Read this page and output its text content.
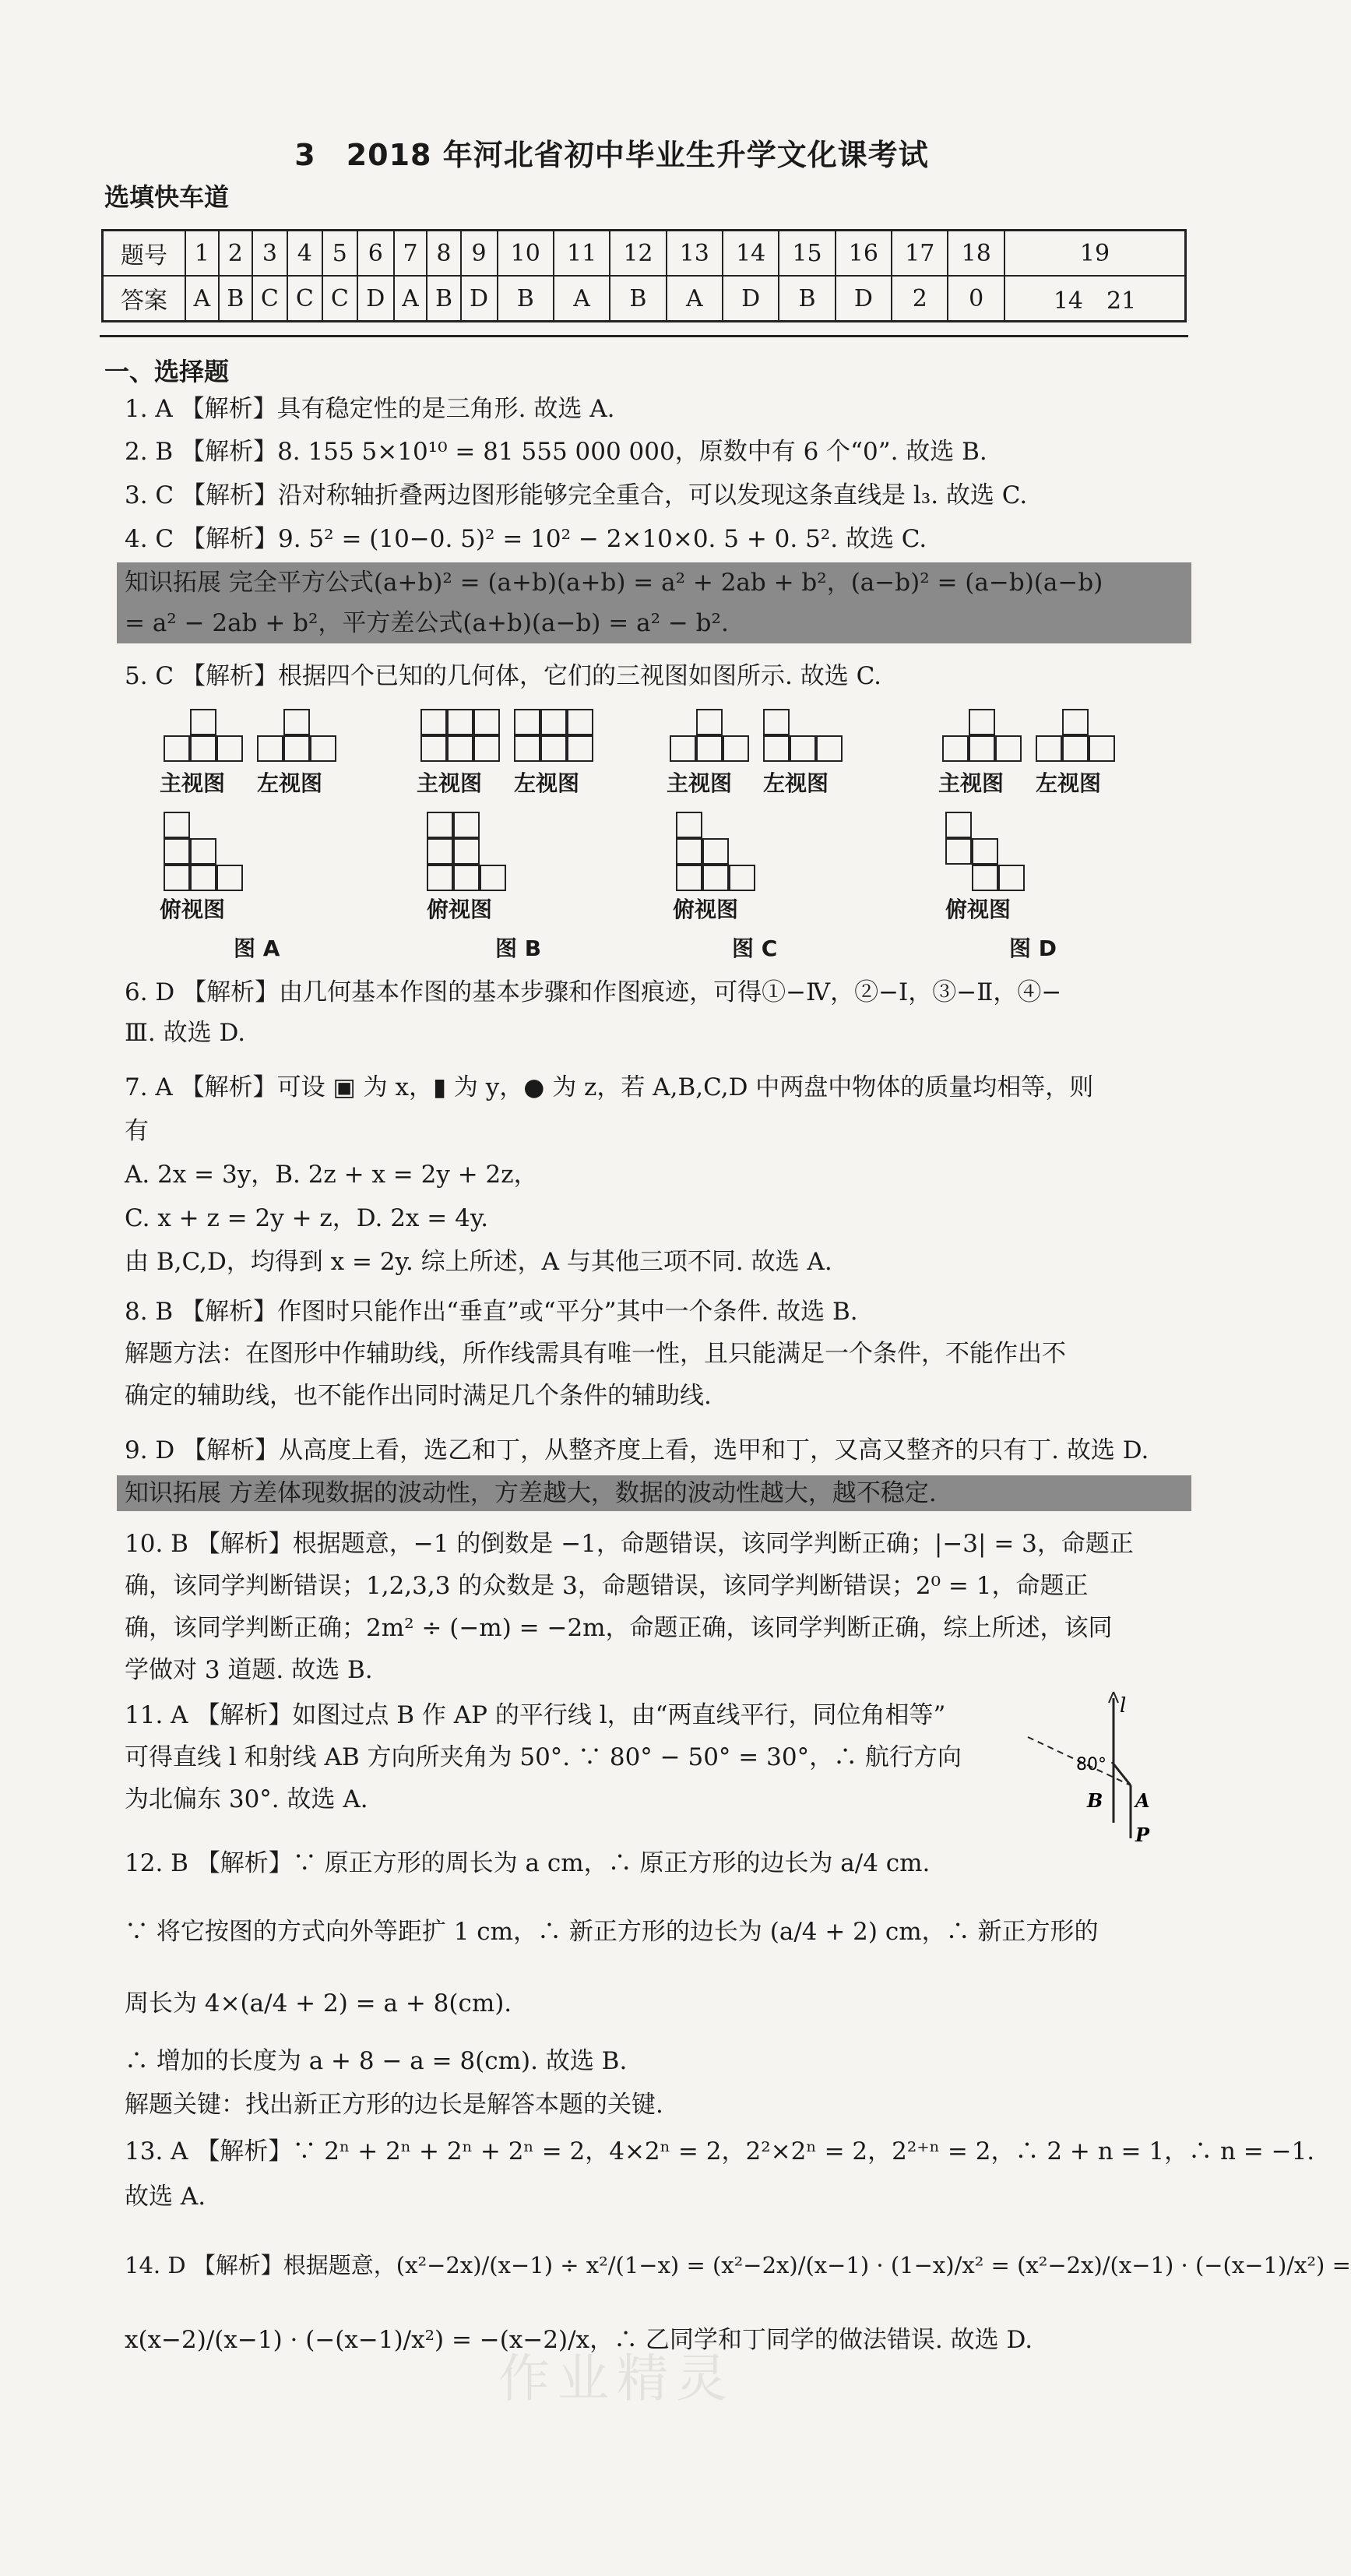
3　2018 年河北省初中毕业生升学文化课考试
选填快车道
题号	1	2	3	4	5	6	7	8	9	10	11	12	13	14	15	16	17	18	19
答案	A	B	C	C	C	D	A	B	D	B	A	B	A	D	B	D	2	0	14　21
一、选择题
1. A 【解析】具有稳定性的是三角形. 故选 A.
2. B 【解析】8. 155 5×10¹⁰ = 81 555 000 000，原数中有 6 个“0”. 故选 B.
3. C 【解析】沿对称轴折叠两边图形能够完全重合，可以发现这条直线是 l₃. 故选 C.
4. C 【解析】9. 5² = (10−0. 5)² = 10² − 2×10×0. 5 + 0. 5². 故选 C.
知识拓展 完全平方公式(a+b)² = (a+b)(a+b) = a² + 2ab + b²，(a−b)² = (a−b)(a−b)
= a² − 2ab + b²，平方差公式(a+b)(a−b) = a² − b².
5. C 【解析】根据四个已知的几何体，它们的三视图如图所示. 故选 C.
主视图 左视图
俯视图
图 A
主视图 左视图
俯视图
图 B
主视图 左视图
俯视图
图 C
主视图 左视图
俯视图
图 D
6. D 【解析】由几何基本作图的基本步骤和作图痕迹，可得①−Ⅳ，②−Ⅰ，③−Ⅱ，④−
Ⅲ. 故选 D.
7. A 【解析】可设 ▣ 为 x，▮ 为 y，● 为 z，若 A,B,C,D 中两盘中物体的质量均相等，则
有
A. 2x = 3y，B. 2z + x = 2y + 2z，
C. x + z = 2y + z，D. 2x = 4y.
由 B,C,D，均得到 x = 2y. 综上所述，A 与其他三项不同. 故选 A.
8. B 【解析】作图时只能作出“垂直”或“平分”其中一个条件. 故选 B.
解题方法：在图形中作辅助线，所作线需具有唯一性，且只能满足一个条件，不能作出不
确定的辅助线，也不能作出同时满足几个条件的辅助线.
9. D 【解析】从高度上看，选乙和丁，从整齐度上看，选甲和丁，又高又整齐的只有丁. 故选 D.
知识拓展 方差体现数据的波动性，方差越大，数据的波动性越大，越不稳定.
10. B 【解析】根据题意，−1 的倒数是 −1，命题错误，该同学判断正确；|−3| = 3，命题正
确，该同学判断错误；1,2,3,3 的众数是 3，命题错误，该同学判断错误；2⁰ = 1，命题正
确，该同学判断正确；2m² ÷ (−m) = −2m，命题正确，该同学判断正确，综上所述，该同
学做对 3 道题. 故选 B.
11. A 【解析】如图过点 B 作 AP 的平行线 l，由“两直线平行，同位角相等”
可得直线 l 和射线 AB 方向所夹角为 50°. ∵ 80° − 50° = 30°，∴ 航行方向
为北偏东 30°. 故选 A.
l
80°
B A
P
12. B 【解析】∵ 原正方形的周长为 a cm，∴ 原正方形的边长为 a/4 cm.
∵ 将它按图的方式向外等距扩 1 cm，∴ 新正方形的边长为 (a/4 + 2) cm，∴ 新正方形的
周长为 4×(a/4 + 2) = a + 8(cm).
∴ 增加的长度为 a + 8 − a = 8(cm). 故选 B.
解题关键：找出新正方形的边长是解答本题的关键.
13. A 【解析】∵ 2ⁿ + 2ⁿ + 2ⁿ + 2ⁿ = 2，4×2ⁿ = 2，2²×2ⁿ = 2，2²⁺ⁿ = 2，∴ 2 + n = 1，∴ n = −1.
故选 A.
14. D 【解析】根据题意，(x²−2x)/(x−1) ÷ x²/(1−x) = (x²−2x)/(x−1) · (1−x)/x² = (x²−2x)/(x−1) · (−(x−1)/x²) =
x(x−2)/(x−1) · (−(x−1)/x²) = −(x−2)/x，∴ 乙同学和丁同学的做法错误. 故选 D.
作业精灵
